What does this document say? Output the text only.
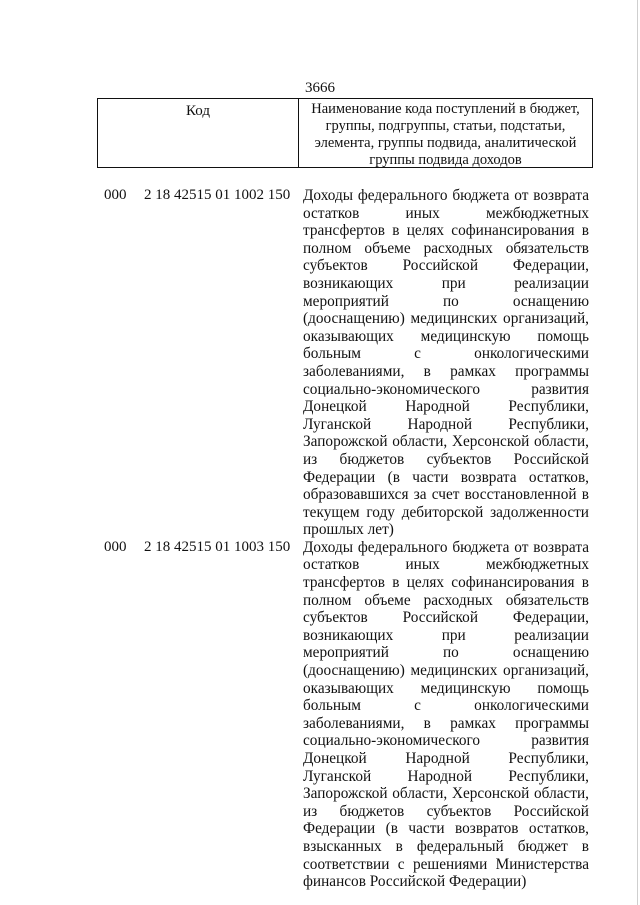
3666
Код	Наименование кода поступлений в бюджет, группы, подгруппы, статьи, подстатьи, элемента, группы подвида, аналитической группы подвида доходов
000 2 18 42515 01 1002 150 Доходы федерального бюджета от возврата остатков иных межбюджетных трансфертов в целях софинансирования в полном объеме расходных обязательств субъектов Российской Федерации, возникающих при реализации мероприятий по оснащению (дооснащению) медицинских организаций, оказывающих медицинскую помощь больным с онкологическими заболеваниями, в рамках программы социально-экономического развития Донецкой Народной Республики, Луганской Народной Республики, Запорожской области, Херсонской области, из бюджетов субъектов Российской Федерации (в части возврата остатков, образовавшихся за счет восстановленной в текущем году дебиторской задолженности прошлых лет)
000 2 18 42515 01 1003 150 Доходы федерального бюджета от возврата остатков иных межбюджетных трансфертов в целях софинансирования в полном объеме расходных обязательств субъектов Российской Федерации, возникающих при реализации мероприятий по оснащению (дооснащению) медицинских организаций, оказывающих медицинскую помощь больным с онкологическими заболеваниями, в рамках программы социально-экономического развития Донецкой Народной Республики, Луганской Народной Республики, Запорожской области, Херсонской области, из бюджетов субъектов Российской Федерации (в части возвратов остатков, взысканных в федеральный бюджет в соответствии с решениями Министерства финансов Российской Федерации)
